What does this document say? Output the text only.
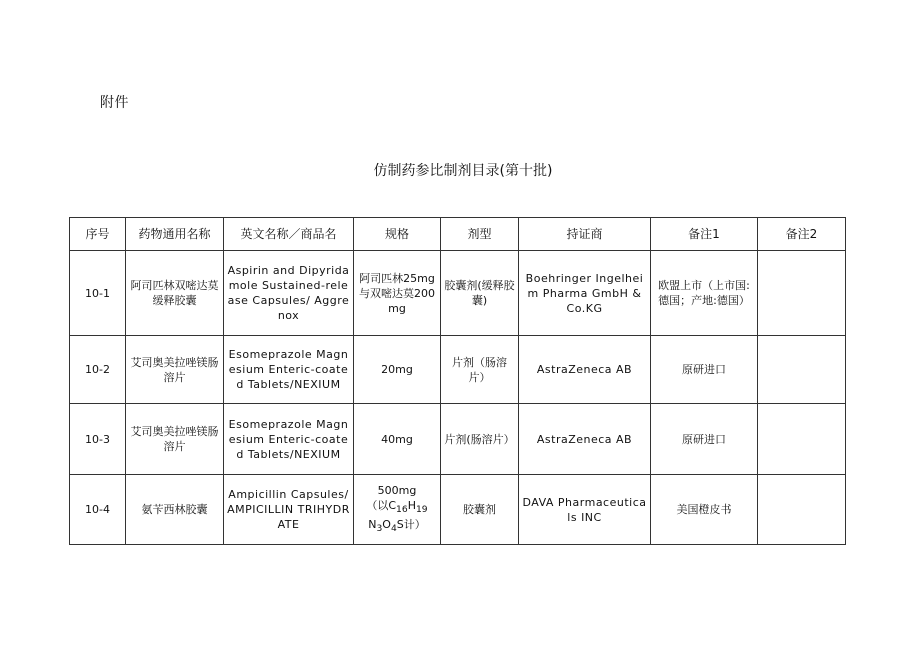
附件
仿制药参比制剂目录(第十批)
序号	药物通用名称	英文名称／商品名	规格	剂型	持证商	备注1	备注2
10-1	阿司匹林双嘧达莫缓释胶囊	Aspirin and Dipyridamole Sustained-release Capsules/ Aggrenox	阿司匹林25mg与双嘧达莫200mg	胶囊剂(缓释胶囊)	Boehringer Ingelheim Pharma GmbH & Co.KG	欧盟上市（上市国:德国；产地:德国）	
10-2	艾司奥美拉唑镁肠溶片	Esomeprazole Magnesium Enteric-coated Tablets/NEXIUM	20mg	片剂（肠溶片）	AstraZeneca AB	原研进口	
10-3	艾司奥美拉唑镁肠溶片	Esomeprazole Magnesium Enteric-coated Tablets/NEXIUM	40mg	片剂(肠溶片）	AstraZeneca AB	原研进口	
10-4	氨苄西林胶囊	Ampicillin Capsules/AMPICILLIN TRIHYDRATE	500mg
（以$C_{16}H_{19}$
$N_3O_4S$计）	胶囊剂	DAVA Pharmaceuticals INC	美国橙皮书	
